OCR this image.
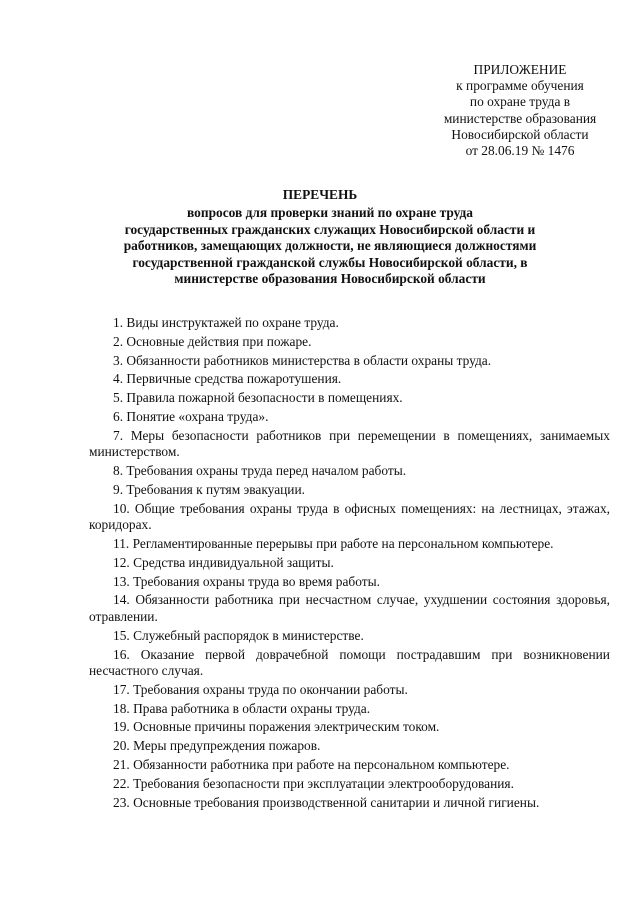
ПРИЛОЖЕНИЕ
к программе обучения
по охране труда в
министерстве образования
Новосибирской области
от 28.06.19 № 1476
ПЕРЕЧЕНЬ
вопросов для проверки знаний по охране труда
государственных гражданских служащих Новосибирской области и
работников, замещающих должности, не являющиеся должностями
государственной гражданской службы Новосибирской области, в
министерстве образования Новосибирской области
1. Виды инструктажей по охране труда.
2. Основные действия при пожаре.
3. Обязанности работников министерства в области охраны труда.
4. Первичные средства пожаротушения.
5. Правила пожарной безопасности в помещениях.
6. Понятие «охрана труда».
7. Меры безопасности работников при перемещении в помещениях, занимаемых министерством.
8. Требования охраны труда перед началом работы.
9. Требования к путям эвакуации.
10. Общие требования охраны труда в офисных помещениях: на лестницах, этажах, коридорах.
11. Регламентированные перерывы при работе на персональном компьютере.
12. Средства индивидуальной защиты.
13. Требования охраны труда во время работы.
14. Обязанности работника при несчастном случае, ухудшении состояния здоровья, отравлении.
15. Служебный распорядок в министерстве.
16. Оказание первой доврачебной помощи пострадавшим при возникновении несчастного случая.
17. Требования охраны труда по окончании работы.
18. Права работника в области охраны труда.
19. Основные причины поражения электрическим током.
20. Меры предупреждения пожаров.
21. Обязанности работника при работе на персональном компьютере.
22. Требования безопасности при эксплуатации электрооборудования.
23. Основные требования производственной санитарии и личной гигиены.
